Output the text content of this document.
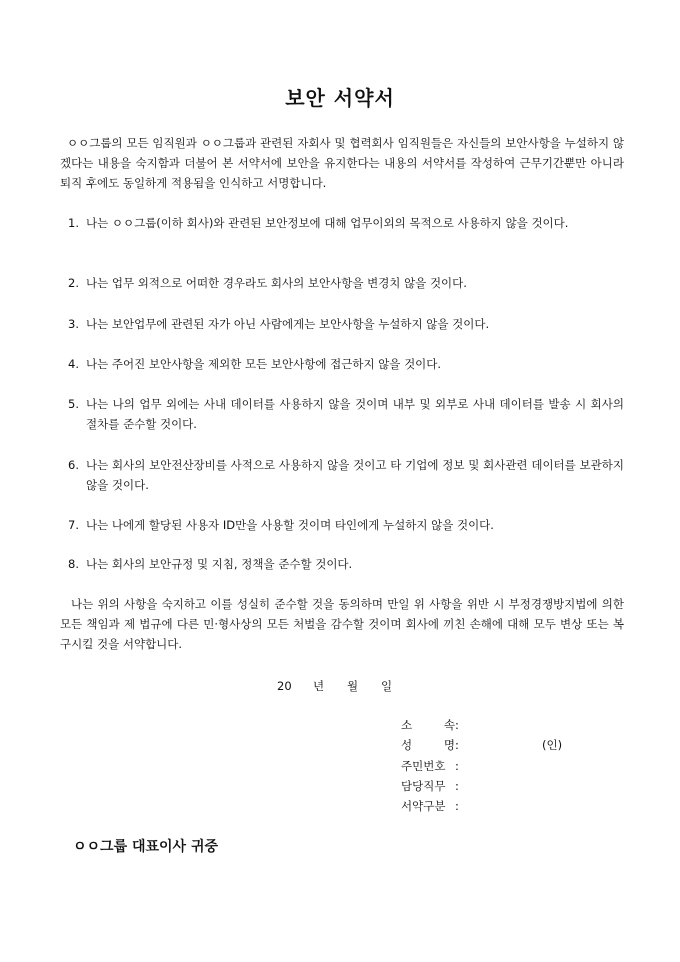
보안 서약서

ㅇㅇ그룹의 모든 임직원과 ㅇㅇ그룹과 관련된 자회사 및 협력회사 임직원들은 자신들의 보안사항을 누설하지 않겠다는 내용을 숙지함과 더불어 본 서약서에 보안을 유지한다는 내용의 서약서를 작성하여 근무기간뿐만 아니라 퇴직 후에도 동일하게 적용됨을 인식하고 서명합니다.

1. 나는 ㅇㅇ그룹(이하 회사)와 관련된 보안정보에 대해 업무이외의 목적으로 사용하지 않을 것이다.
2. 나는 업무 외적으로 어떠한 경우라도 회사의 보안사항을 변경치 않을 것이다.
3. 나는 보안업무에 관련된 자가 아닌 사람에게는 보안사항을 누설하지 않을 것이다.
4. 나는 주어진 보안사항을 제외한 모든 보안사항에 접근하지 않을 것이다.
5. 나는 나의 업무 외에는 사내 데이터를 사용하지 않을 것이며 내부 및 외부로 사내 데이터를 발송 시 회사의 절차를 준수할 것이다.
6. 나는 회사의 보안전산장비를 사적으로 사용하지 않을 것이고 타 기업에 정보 및 회사관련 데이터를 보관하지 않을 것이다.
7. 나는 나에게 할당된 사용자 ID만을 사용할 것이며 타인에게 누설하지 않을 것이다.
8. 나는 회사의 보안규정 및 지침, 정책을 준수할 것이다.

나는 위의 사항을 숙지하고 이를 성실히 준수할 것을 동의하며 만일 위 사항을 위반 시 부정경쟁방지법에 의한 모든 책임과 제 법규에 다른 민·형사상의 모든 처벌을 감수할 것이며 회사에 끼친 손해에 대해 모두 변상 또는 복구시킬 것을 서약합니다.

20 년 월 일
소 속:
성 명:	(인)
주민번호 :
담당직무 :
서약구분 :
ㅇㅇ그룹 대표이사 귀중
